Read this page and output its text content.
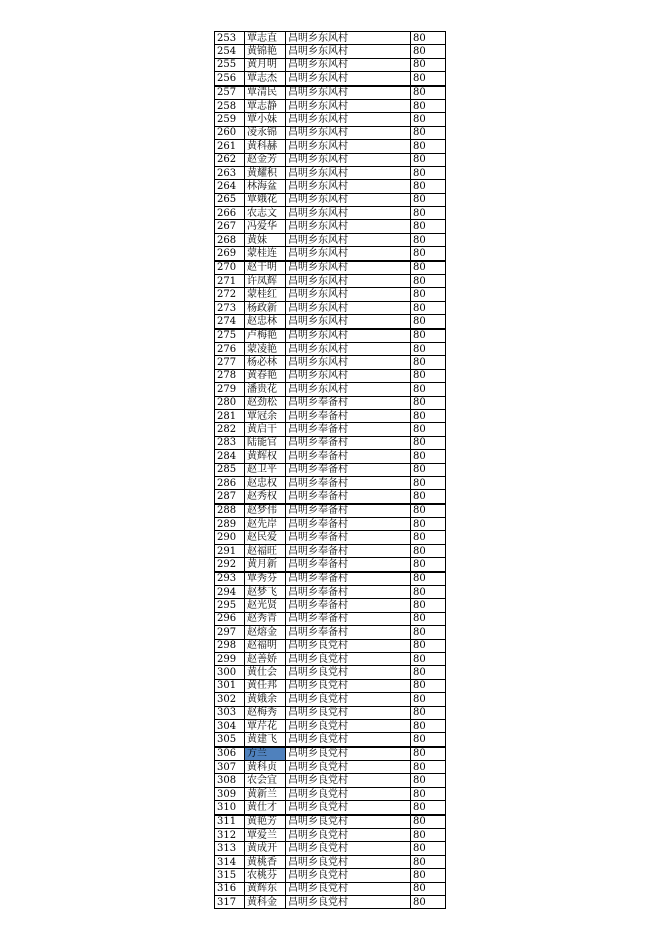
253	覃志直	昌明乡东风村	80
254	黄锦艳	昌明乡东风村	80
255	黄月明	昌明乡东风村	80
256	覃志杰	昌明乡东风村	80
257	覃清民	昌明乡东风村	80
258	覃志静	昌明乡东风村	80
259	覃小妹	昌明乡东风村	80
260	凌永锦	昌明乡东风村	80
261	黄科赫	昌明乡东风村	80
262	赵金芳	昌明乡东风村	80
263	黄耀积	昌明乡东风村	80
264	林海盆	昌明乡东风村	80
265	覃娥花	昌明乡东风村	80
266	农志文	昌明乡东风村	80
267	冯爱华	昌明乡东风村	80
268	黄妹	昌明乡东风村	80
269	蒙桂连	昌明乡东风村	80
270	赵干明	昌明乡东风村	80
271	许凤辉	昌明乡东风村	80
272	蒙桂红	昌明乡东风村	80
273	杨政新	昌明乡东风村	80
274	赵忠林	昌明乡东风村	80
275	卢梅艳	昌明乡东风村	80
276	蒙凌艳	昌明乡东风村	80
277	杨必林	昌明乡东风村	80
278	黄春艳	昌明乡东风村	80
279	潘贵花	昌明乡东风村	80
280	赵劲松	昌明乡奉备村	80
281	覃冠余	昌明乡奉备村	80
282	黄启干	昌明乡奉备村	80
283	陆能官	昌明乡奉备村	80
284	黄辉权	昌明乡奉备村	80
285	赵卫平	昌明乡奉备村	80
286	赵忠权	昌明乡奉备村	80
287	赵秀权	昌明乡奉备村	80
288	赵梦伟	昌明乡奉备村	80
289	赵先岸	昌明乡奉备村	80
290	赵民爱	昌明乡奉备村	80
291	赵福旺	昌明乡奉备村	80
292	黄月新	昌明乡奉备村	80
293	覃秀芬	昌明乡奉备村	80
294	赵梦飞	昌明乡奉备村	80
295	赵光贤	昌明乡奉备村	80
296	赵秀青	昌明乡奉备村	80
297	赵熔金	昌明乡奉备村	80
298	赵福明	昌明乡良党村	80
299	赵善娇	昌明乡良党村	80
300	黄仕会	昌明乡良党村	80
301	黄任邦	昌明乡良党村	80
302	黄娥余	昌明乡良党村	80
303	赵梅秀	昌明乡良党村	80
304	覃芹花	昌明乡良党村	80
305	黄建飞	昌明乡良党村	80
306	方兰	昌明乡良党村	80
307	黄科贞	昌明乡良党村	80
308	农会宜	昌明乡良党村	80
309	黄新兰	昌明乡良党村	80
310	黄仕才	昌明乡良党村	80
311	黄艳芳	昌明乡良党村	80
312	覃爱兰	昌明乡良党村	80
313	黄成开	昌明乡良党村	80
314	黄桃香	昌明乡良党村	80
315	农桃芬	昌明乡良党村	80
316	黄辉东	昌明乡良党村	80
317	黄科金	昌明乡良党村	80
